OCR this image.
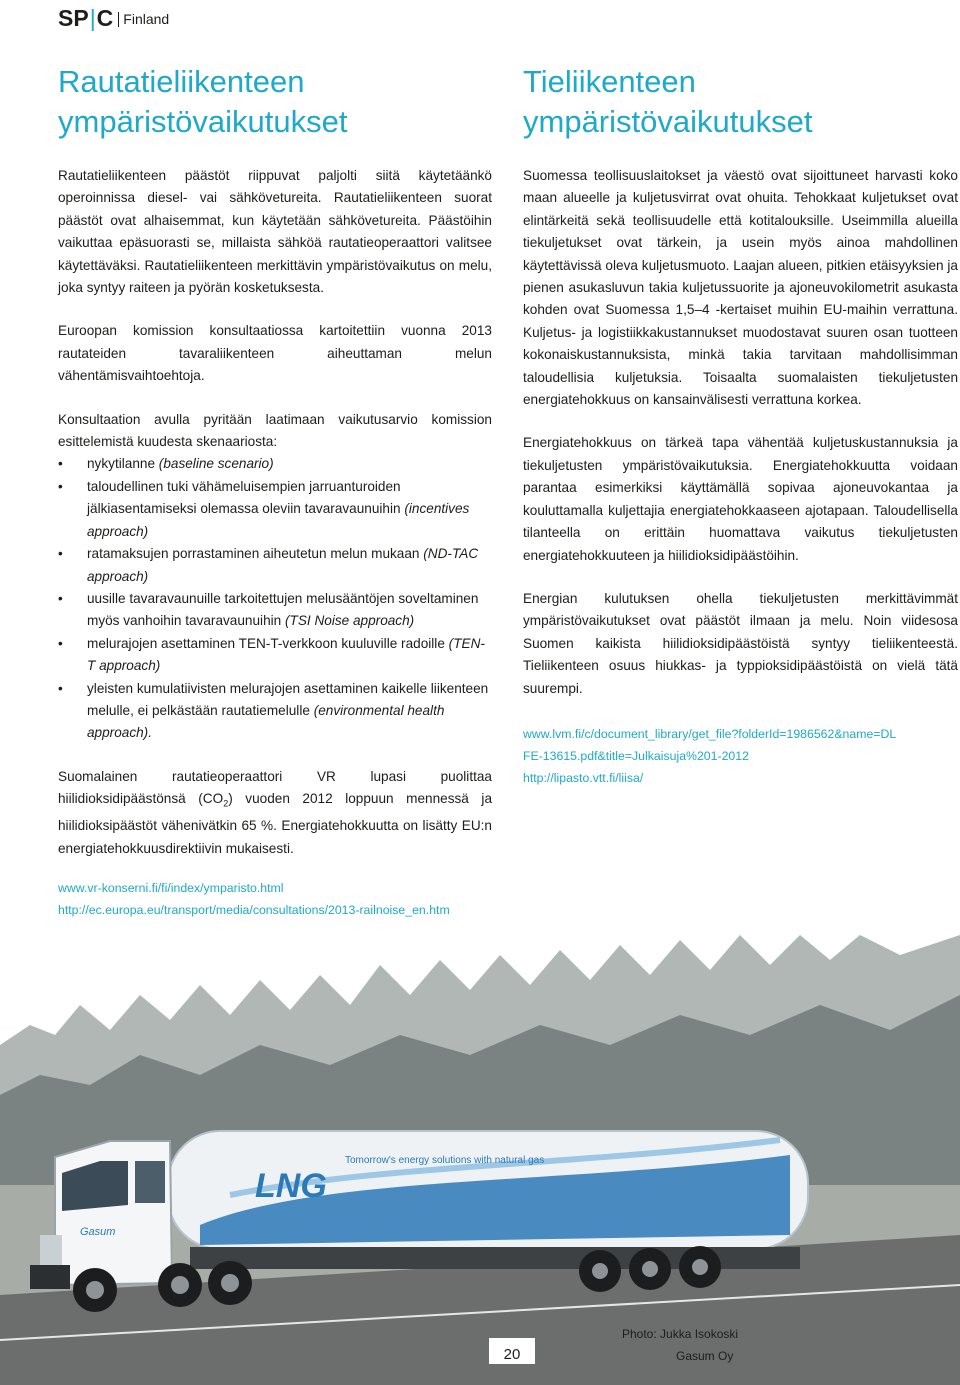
SP|C Finland
Rautatieliikenteen
ympäristövaikutukset

Rautatieliikenteen päästöt riippuvat paljolti siitä käytetäänkö operoinnissa diesel- vai sähkövetureita. Rautatieliikenteen suorat päästöt ovat alhaisemmat, kun käytetään sähkövetureita. Päästöihin vaikuttaa epäsuorasti se, millaista sähköä rautatieoperaattori valitsee käytettäväksi. Rautatieliikenteen merkittävin ympäristövaikutus on melu, joka syntyy raiteen ja pyörän kosketuksesta.

Euroopan komission konsultaatiossa kartoitettiin vuonna 2013 rautateiden tavaraliikenteen aiheuttaman melun vähentämisvaihtoehtoja.

Konsultaation avulla pyritään laatimaan vaikutusarvio komission esittelemistä kuudesta skenaariosta:

• nykytilanne (baseline scenario)
• taloudellinen tuki vähämeluisempien jarruanturoiden jälkiasentamiseksi olemassa oleviin tavaravaunuihin (incentives approach)
• ratamaksujen porrastaminen aiheutetun melun mukaan (ND-TAC approach)
• uusille tavaravaunuille tarkoitettujen melusääntöjen soveltaminen myös vanhoihin tavaravaunuihin (TSI Noise approach)
• melurajojen asettaminen TEN-T-verkkoon kuuluville radoille (TEN-T approach)
• yleisten kumulatiivisten melurajojen asettaminen kaikelle liikenteen melulle, ei pelkästään rautatiemelulle (environmental health approach).

Suomalainen rautatieoperaattori VR lupasi puolittaa hiilidioksidipäästönsä $(CO_2)$ vuoden 2012 loppuun mennessä ja hiilidioksipäästöt vähenivätkin 65 %. Energiatehokkuutta on lisätty EU:n energiatehokkuusdirektiivin mukaisesti.

www.vr-konserni.fi/fi/index/ymparisto.html
http://ec.europa.eu/transport/media/consultations/2013-railnoise_en.htm
Tieliikenteen
ympäristövaikutukset

Suomessa teollisuuslaitokset ja väestö ovat sijoittuneet harvasti koko maan alueelle ja kuljetusvirrat ovat ohuita. Tehokkaat kuljetukset ovat elintärkeitä sekä teollisuudelle että kotitalouksille. Useimmilla alueilla tiekuljetukset ovat tärkein, ja usein myös ainoa mahdollinen käytettävissä oleva kuljetusmuoto. Laajan alueen, pitkien etäisyyksien ja pienen asukasluvun takia kuljetussuorite ja ajoneuvokilometrit asukasta kohden ovat Suomessa 1,5–4 -kertaiset muihin EU-maihin verrattuna. Kuljetus- ja logistiikkakustannukset muodostavat suuren osan tuotteen kokonaiskustannuksista, minkä takia tarvitaan mahdollisimman taloudellisia kuljetuksia. Toisaalta suomalaisten tiekuljetusten energiatehokkuus on kansainvälisesti verrattuna korkea.

Energiatehokkuus on tärkeä tapa vähentää kuljetuskustannuksia ja tiekuljetusten ympäristövaikutuksia. Energiatehokkuutta voidaan parantaa esimerkiksi käyttämällä sopivaa ajoneuvokantaa ja kouluttamalla kuljettajia energiatehokkaaseen ajotapaan. Taloudellisella tilanteella on erittäin huomattava vaikutus tiekuljetusten energiatehokkuuteen ja hiilidioksidipäästöihin.

Energian kulutuksen ohella tiekuljetusten merkittävimmät ympäristövaikutukset ovat päästöt ilmaan ja melu. Noin viidesosa Suomen kaikista hiilidioksidipäästöistä syntyy tieliikenteestä. Tieliikenteen osuus hiukkas- ja typpioksidipäästöistä on vielä tätä suurempi.

www.lvm.fi/c/document_library/get_file?folderId=1986562&name=DL
FE-13615.pdf&title=Julkaisuja%201-2012
http://lipasto.vtt.fi/liisa/
LNG
Tomorrow's energy solutions with natural gas
Gasum
Photo: Jukka Isokoski
Gasum Oy
20
